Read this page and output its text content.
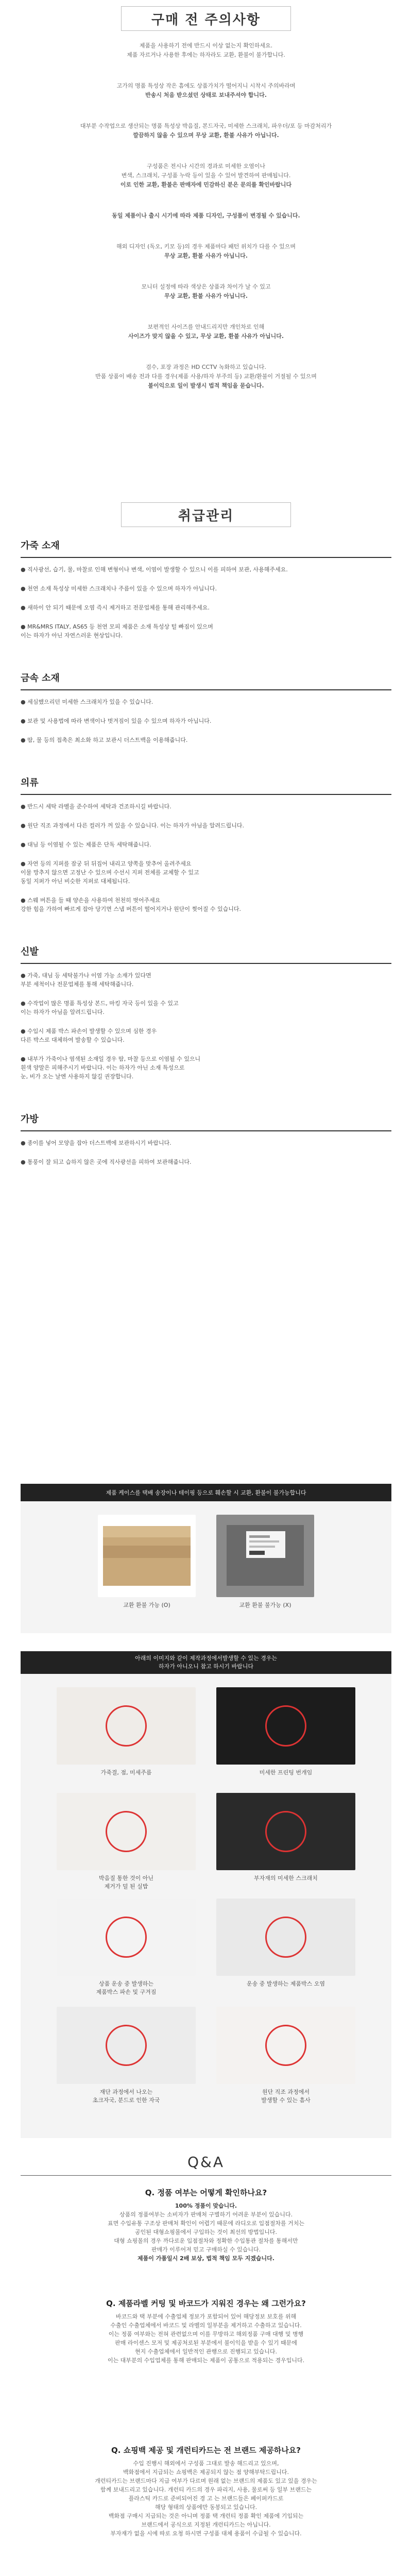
구매 전 주의사항
제품을 사용하기 전에 반드시 이상 없는지 확인하세요.
제품 자르거나 사용한 후에는 하자라도 교환, 환불이 불가합니다.
고가의 명품 특성상 작은 흠에도 상품가치가 떨어지니 시착시 주의바라며
반송시 처음 받으셨던 상태로 보내주셔야 합니다.
대부분 수작업으로 생산되는 명품 특성상 박음질, 본드자국, 미세한 스크래치, 파우더/포 등 마감처리가
깔끔하지 않을 수 있으며 무상 교환, 환불 사유가 아닙니다.
구성품은 전시나 시간의 경과로 미세한 오염이나
변색, 스크래치, 구성품 누락 등이 있을 수 있어 발견하여 판매됩니다.
이로 인한 교환, 환불은 판매자에 민감하신 분은 문의를 확인바랍니다
동일 제품이나 출시 시기에 따라 제품 디자인, 구성품이 변경될 수 있습니다.
해외 디자인 (독오, 키모 등)의 경우 제품마다 패턴 위치가 다를 수 있으며
무상 교환, 환불 사유가 아닙니다.
모니터 설정에 따라 색상은 상품과 차이가 날 수 있고
무상 교환, 환불 사유가 아닙니다.
보편적인 사이즈를 안내드리지만 개인차로 인해
사이즈가 맞지 않을 수 있고, 무상 교환, 환불 사유가 아닙니다.
검수, 포장 과정은 HD CCTV 녹화하고 있습니다.
반품 상품이 배송 전과 다를 경우(제품 사용/하자 부주의 등) 교환/환불이 거절될 수 있으며
불이익으로 일이 발생시 법적 책임을 묻습니다.
취급관리
가죽 소재

● 직사광선, 습기, 물, 마찰로 인해 변형이나 변색, 이염이 발생할 수 있으니 이를 피하여 보관, 사용해주세요.

● 천연 소재 특성상 미세한 스크래치나 주름이 있을 수 있으며 하자가 아닙니다.

● 새하이 안 되기 때문에 오염 즉시 제거하고 전문업체를 통해 관리해주세요.

● MR&MRS ITALY, AS65 등 천연 모피 제품은 소재 특성상 털 빠짐이 있으며
이는 하자가 아닌 자연스러운 현상입니다.

금속 소재

● 세심했으리던 미세한 스크래치가 있을 수 있습니다.

● 보관 및 사용법에 따라 변색이나 벗겨짐이 있을 수 있으며 하자가 아닙니다.

● 땀, 물 등의 접촉은 최소화 하고 보관시 더스트백을 이용해줍니다.

의류

● 반드시 세탁 라벨을 준수하여 세탁과 건조하시길 바랍니다.

● 원단 직조 과정에서 다른 컬러가 꺼 있을 수 있습니다. 이는 하자가 아님을 알려드립니다.

● 대님 등 이염될 수 있는 제품은 단독 세탁해줍니다.

● 자연 등의 지퍼를 잠궁 뒤 뒤집어 내리고 양쪽을 맞추어 올려주세요
이물 망추지 않으면 고정난 수 있으며 수선시 지퍼 전체를 교체할 수 있고
동일 지퍼가 아닌 비슷한 지퍼로 대체됩니다.

● 스웨 버튼을 들 때 양손을 사용하여 천천히 벗어주세요
강한 힘을 가하여 빠르게 잡아 당기면 스냅 버튼이 떨어지거나 원단이 찢어질 수 있습니다.

신발

● 가죽, 대님 등 세탁불가나 이염 가능 소재가 있다면
부분 세척이나 전문업체를 통해 세탁해줍니다.

● 수작업이 많은 명품 특성상 본드, 마킹 자국 등이 있을 수 있고
이는 하자가 아님을 알려드립니다.

● 수입시 제품 박스 파손이 발생할 수 있으며 심한 경우
다른 박스로 대체하여 발송할 수 있습니다.

● 내부가 가죽이나 염색된 소재일 경우 땀, 마찰 등으로 이염될 수 있으니
흰색 양말은 피해주시기 바랍니다. 이는 하자가 아닌 소재 특성으로
눈, 비가 오는 날엔 사용하지 않길 권장합니다.

가방

● 종이를 넣어 모양을 잡아 더스트백에 보관하시기 바랍니다.

● 통풍이 잘 되고 습하지 않은 곳에 직사광선을 피하여 보관해줍니다.

제품 케이스를 택배 송장이나 테이핑 등으로 훼손할 시 교환, 환불이 불가능합니다
교환 환불 가능 (O)	교환 환불 불가능 (X)
아래의 이미지와 같이 제작과정에서발생할 수 있는 경우는
하자가 아니오니 참고 하시기 바랍니다
가죽결, 점, 미세주름	미세한 프린팅 번개임
박음질 통한 것이 아닌
제거가 덜 된 실밥
부자재의 미세한 스크래치
상품 운송 중 발생하는
제품박스 파손 및 구겨짐
운송 중 발생하는 제품박스 오염
재단 과정에서 나오는
초크자국, 분드로 인한 자국
원단 직조 과정에서
발생할 수 있는 흠사
Q&A
Q. 정품 여부는 어떻게 확인하나요?
100% 정품이 맞습니다.
상품의 정품여부는 소비자가 판매처 구별하기 어려운 부분이 있습니다.
표면 수입유통 구조상 판매처 확인이 어렵기 때문에 라디오로 입점절차를 거치는
공인된 대형쇼핑몰에서 구입하는 것이 최선의 방법입니다.
대형 쇼핑몰의 경우 까다로운 입점절차와 정확한 수입통관 절차를 통해서만
판매가 이루어져 믿고 구매하실 수 있습니다.
제품이 가품일시 2배 보상, 법적 책임 모두 지겠습니다.
Q. 제품라벨 커팅 및 바코드가 지워진 경우는 왜 그런가요?
바코드와 택 부분에 수출업체 정보가 포함되어 있어 해당정보 보호를 위해
수출인 수출업체에서 바코드 및 라벨의 일부분을 제거하고 수출하고 있습니다.
이는 정품 여부와는 전혀 관련없으며 이를 무방하고 해외정품 구매 대행 및 병행
판매 라이센스 모저 및 제공처로된 부분에서 불이익을 받을 수 있기 때문에
현지 수출업체에서 일반적인 관행으로 진행되고 있습니다.
이는 대부분의 수입업체를 통해 판매되는 제품이 공통으로 적용되는 경우입니다.
Q. 쇼핑백 제공 및 개런티카드는 전 브랜드 제공하나요?
수입 진행시 해외에서 구성품 그대로 발송 해드리고 있으며,
백화점에서 지급되는 쇼핑백은 제공되지 않는 점 양해부탁드립니다.
개런티카드는 브랜드마다 지급 여부가 다르며 원래 없는 브랜드의 제품도 있고 있을 경우는
함께 보내드리고 있습니다. 개런티 카드의 경우 파리지, 사용, 물로써 등 일부 브랜드는
플라스틱 카드로 준비되어진 경 고 는 브랜드들은 페이퍼카드로
해당 형태의 상품에만 동봉되고 있습니다.
백화점 구매시 지급되는 것은 아니며 정품 택 개런티 정품 확인 제품에 기입되는
브랜드에서 공식으로 지정된 개런티카드는 아닙니다.
부자재가 없을 시에 따로 요청 하시면 구성품 대체 용품이 수급될 수 있습니다.
